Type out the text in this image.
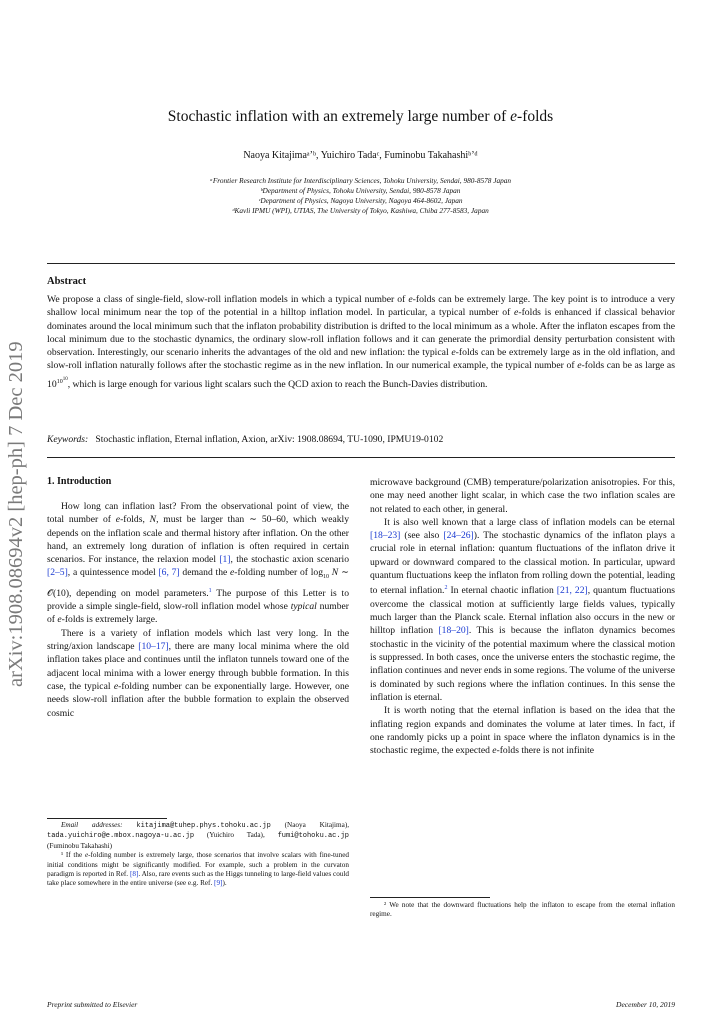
Stochastic inflation with an extremely large number of e-folds
Naoya Kitajimaᵃʼᵇ, Yuichiro Tadaᶜ, Fuminobu Takahashiᵇʼᵈ
ᵃFrontier Research Institute for Interdisciplinary Sciences, Tohoku University, Sendai, 980-8578 Japan
ᵇDepartment of Physics, Tohoku University, Sendai, 980-8578 Japan
ᶜDepartment of Physics, Nagoya University, Nagoya 464-8602, Japan
ᵈKavli IPMU (WPI), UTIAS, The University of Tokyo, Kashiwa, Chiba 277-8583, Japan
arXiv:1908.08694v2 [hep-ph] 7 Dec 2019
Abstract
We propose a class of single-field, slow-roll inflation models in which a typical number of e-folds can be extremely large. The key point is to introduce a very shallow local minimum near the top of the potential in a hilltop inflation model. In particular, a typical number of e-folds is enhanced if classical behavior dominates around the local minimum such that the inflaton probability distribution is drifted to the local minimum as a whole. After the inflaton escapes from the local minimum due to the stochastic dynamics, the ordinary slow-roll inflation follows and it can generate the primordial density perturbation consistent with observation. Interestingly, our scenario inherits the advantages of the old and new inflation: the typical e-folds can be extremely large as in the old inflation, and slow-roll inflation naturally follows after the stochastic regime as in the new inflation. In our numerical example, the typical number of e-folds can be as large as $10^{10^{10}}$, which is large enough for various light scalars such the QCD axion to reach the Bunch-Davies distribution.
Keywords: Stochastic inflation, Eternal inflation, Axion, arXiv: 1908.08694, TU-1090, IPMU19-0102
1. Introduction

How long can inflation last? From the observational point of view, the total number of e-folds, N, must be larger than ∼ 50–60, which weakly depends on the inflation scale and thermal history after inflation. On the other hand, an extremely long duration of inflation is often required in certain scenarios. For instance, the relaxion model [1], the stochastic axion scenario [2–5], a quintessence model [6, 7] demand the e-folding number of $\log_{10} N$ ∼ 𝒪(10), depending on model parameters.$^1$ The purpose of this Letter is to provide a simple single-field, slow-roll inflation model whose typical number of e-folds is extremely large.

There is a variety of inflation models which last very long. In the string/axion landscape [10–17], there are many local minima where the old inflation takes place and continues until the inflaton tunnels toward one of the adjacent local minima with a lower energy through bubble formation. In this case, the typical e-folding number can be exponentially large. However, one needs slow-roll inflation after the bubble formation to explain the observed cosmic

Email addresses: kitajima@tuhep.phys.tohoku.ac.jp (Naoya Kitajima), tada.yuichiro@e.mbox.nagoya-u.ac.jp (Yuichiro Tada), fumi@tohoku.ac.jp (Fuminobu Takahashi)

¹ If the e-folding number is extremely large, those scenarios that involve scalars with fine-tuned initial conditions might be significantly modified. For example, such a problem in the curvaton paradigm is reported in Ref. [8]. Also, rare events such as the Higgs tunneling to large-field values could take place somewhere in the entire universe (see e.g. Ref. [9]).

microwave background (CMB) temperature/polarization anisotropies. For this, one may need another light scalar, in which case the two inflation scales are not related to each other, in general.

It is also well known that a large class of inflation models can be eternal [18–23] (see also [24–26]). The stochastic dynamics of the inflaton plays a crucial role in eternal inflation: quantum fluctuations of the inflaton drive it upward or downward compared to the classical motion. In particular, upward quantum fluctuations keep the inflaton from rolling down the potential, leading to eternal inflation.$^2$ In eternal chaotic inflation [21, 22], quantum fluctuations overcome the classical motion at sufficiently large fields values, typically much larger than the Planck scale. Eternal inflation also occurs in the new or hilltop inflation [18–20]. This is because the inflaton dynamics becomes stochastic in the vicinity of the potential maximum where the classical motion is suppressed. In both cases, once the universe enters the stochastic regime, the inflation continues and never ends in some regions. The volume of the universe is dominated by such regions where the inflation continues. In this sense the inflation is eternal.

It is worth noting that the eternal inflation is based on the idea that the inflating region expands and dominates the volume at later times. In fact, if one randomly picks up a point in space where the inflaton dynamics is in the stochastic regime, the expected e-folds there is not infinite

² We note that the downward fluctuations help the inflaton to escape from the eternal inflation regime.

Preprint submitted to Elsevier	December 10, 2019
